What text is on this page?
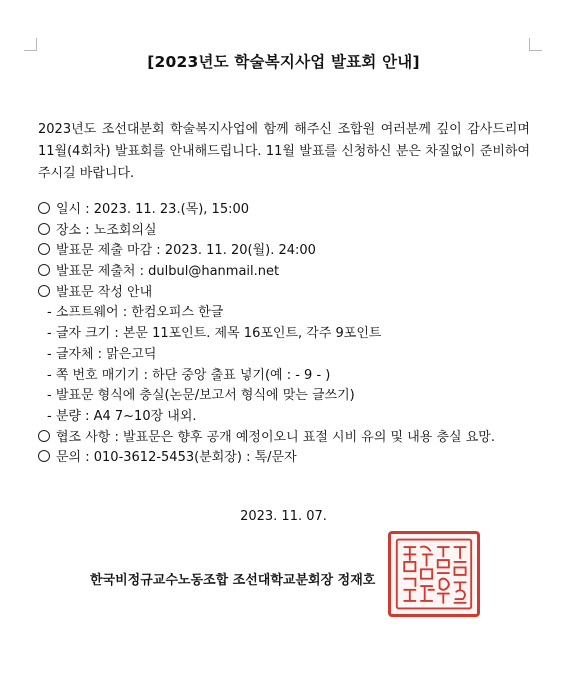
[2023년도 학술복지사업 발표회 안내]

2023년도 조선대분회 학술복지사업에 함께 해주신 조합원 여러분께 깊이 감사드리며 11월(4회차) 발표회를 안내해드립니다. 11월 발표를 신청하신 분은 차질없이 준비하여주시길 바랍니다.

일시 : 2023. 11. 23.(목), 15:00
장소 : 노조회의실
발표문 제출 마감 : 2023. 11. 20(월). 24:00
발표문 제출처 : dulbul@hanmail.net
발표문 작성 안내
- 소프트웨어 : 한컴오피스 한글
- 글자 크기 : 본문 11포인트. 제목 16포인트, 각주 9포인트
- 글자체 : 맑은고딕
- 쪽 번호 매기기 : 하단 중앙 출표 넣기(예 : - 9 - )
- 발표문 형식에 충실(논문/보고서 형식에 맞는 글쓰기)
- 분량 : A4 7~10장 내외.
협조 사항 : 발표문은 향후 공개 예정이오니 표절 시비 유의 및 내용 충실 요망.
문의 : 010-3612-5453(분회장) : 톡/문자
2023. 11. 07.
한국비정규교수노동조합 조선대학교분회장 정재호
